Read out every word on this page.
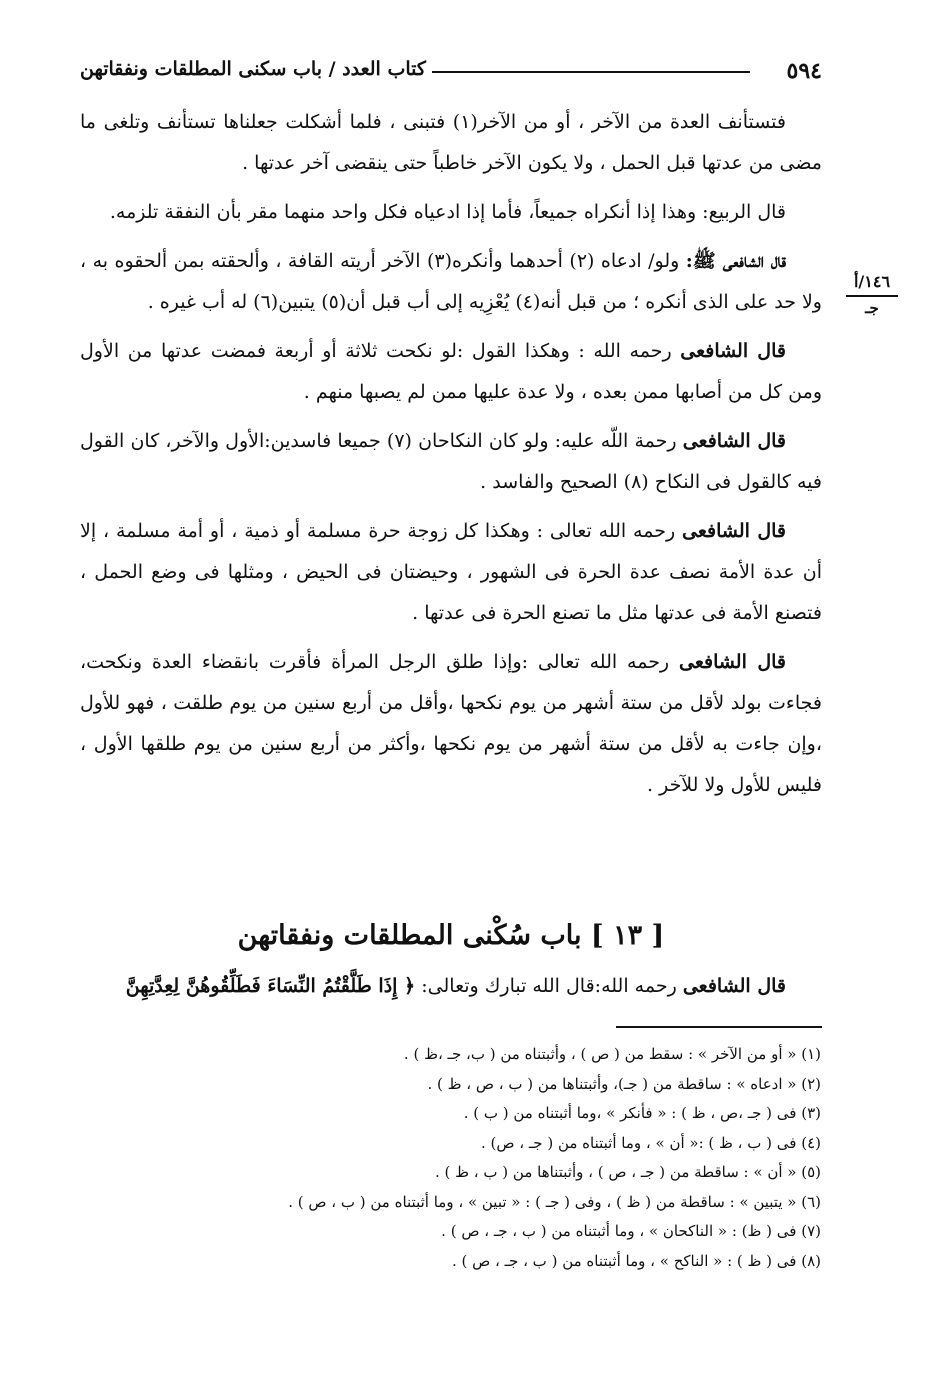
٥٩٤
كتاب العدد / باب سكنى المطلقات ونفقاتهن
١٤٦/أ
جـ

فتستأنف العدة من الآخر ، أو من الآخر(١) فتبنى ، فلما أشكلت جعلناها تستأنف وتلغى ما مضى من عدتها قبل الحمل ، ولا يكون الآخر خاطباً حتى ينقضى آخر عدتها .

قال الربيع: وهذا إذا أنكراه جميعاً، فأما إذا ادعياه فكل واحد منهما مقر بأن النفقة تلزمه.

قال الشافعى ﷺ: ولو/ ادعاه (٢) أحدهما وأنكره(٣) الآخر أريته القافة ، وألحقته بمن ألحقوه به ، ولا حد على الذى أنكره ؛ من قبل أنه(٤) يُعْزِيه إلى أب قبل أن(٥) يتبين(٦) له أب غيره .

قال الشافعى رحمه الله : وهكذا القول :لو نكحت ثلاثة أو أربعة فمضت عدتها من الأول ومن كل من أصابها ممن بعده ، ولا عدة عليها ممن لم يصبها منهم .

قال الشافعى رحمة اللّه عليه: ولو كان النكاحان (٧) جميعا فاسدين:الأول والآخر، كان القول فيه كالقول فى النكاح (٨) الصحيح والفاسد .

قال الشافعى رحمه الله تعالى : وهكذا كل زوجة حرة مسلمة أو ذمية ، أو أمة مسلمة ، إلا أن عدة الأمة نصف عدة الحرة فى الشهور ، وحيضتان فى الحيض ، ومثلها فى وضع الحمل ، فتصنع الأمة فى عدتها مثل ما تصنع الحرة فى عدتها .

قال الشافعى رحمه الله تعالى :وإذا طلق الرجل المرأة فأقرت بانقضاء العدة ونكحت، فجاءت بولد لأقل من ستة أشهر من يوم نكحها ،وأقل من أربع سنين من يوم طلقت ، فهو للأول ،وإن جاءت به لأقل من ستة أشهر من يوم نكحها ،وأكثر من أربع سنين من يوم طلقها الأول ، فليس للأول ولا للآخر .

[ ١٣ ] باب سُكْنى المطلقات ونفقاتهن
قال الشافعى رحمه الله:قال الله تبارك وتعالى: ﴿ إِذَا طَلَّقْتُمُ النِّسَاءَ فَطَلِّقُوهُنَّ لِعِدَّتِهِنَّ

(١) « أو من الآخر » : سقط من ( ص ) ، وأثبتناه من ( ب، جـ ،ظ ) .

(٢) « ادعاه » : ساقطة من ( جـ)، وأثبتناها من ( ب ، ص ، ظ ) .

(٣) فى ( جـ ،ص ، ظ ) : « فأنكر » ،وما أثبتناه من ( ب ) .

(٤) فى ( ب ، ظ ) :« أن » ، وما أثبتناه من ( جـ ، ص) .

(٥) « أن » : ساقطة من ( جـ ، ص ) ، وأثبتناها من ( ب ، ظ ) .

(٦) « يتبين » : ساقطة من ( ظ ) ، وفى ( جـ ) : « تبين » ، وما أثبتناه من ( ب ، ص ) .

(٧) فى ( ظ) : « الناكحان » ، وما أثبتناه من ( ب ، جـ ، ص ) .

(٨) فى ( ظ ) : « الناكح » ، وما أثبتناه من ( ب ، جـ ، ص ) .
